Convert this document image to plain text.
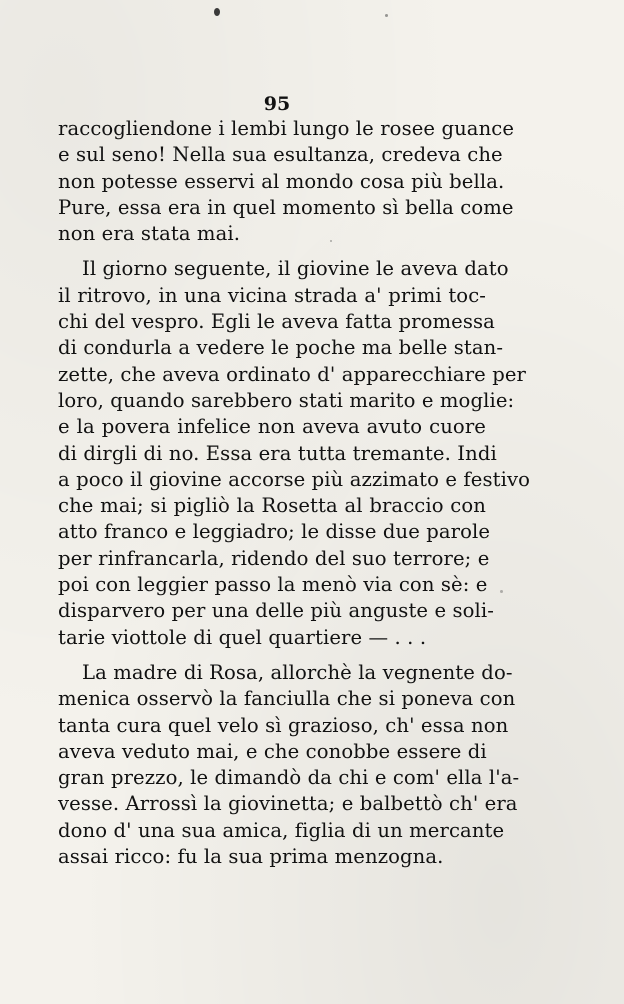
95
raccogliendone i lembi lungo le rosee guance
e sul seno! Nella sua esultanza, credeva che
non potesse esservi al mondo cosa più bella.
Pure, essa era in quel momento sì bella come
non era stata mai.
Il giorno seguente, il giovine le aveva dato
il ritrovo, in una vicina strada a' primi toc-
chi del vespro. Egli le aveva fatta promessa
di condurla a vedere le poche ma belle stan-
zette, che aveva ordinato d' apparecchiare per
loro, quando sarebbero stati marito e moglie:
e la povera infelice non aveva avuto cuore
di dirgli di no. Essa era tutta tremante. Indi
a poco il giovine accorse più azzimato e festivo
che mai; si pigliò la Rosetta al braccio con
atto franco e leggiadro; le disse due parole
per rinfrancarla, ridendo del suo terrore; e
poi con leggier passo la menò via con sè: e
disparvero per una delle più anguste e soli-
tarie viottole di quel quartiere — . . .
La madre di Rosa, allorchè la vegnente do-
menica osservò la fanciulla che si poneva con
tanta cura quel velo sì grazioso, ch' essa non
aveva veduto mai, e che conobbe essere di
gran prezzo, le dimandò da chi e com' ella l'a-
vesse. Arrossì la giovinetta; e balbettò ch' era
dono d' una sua amica, figlia di un mercante
assai ricco: fu la sua prima menzogna.
